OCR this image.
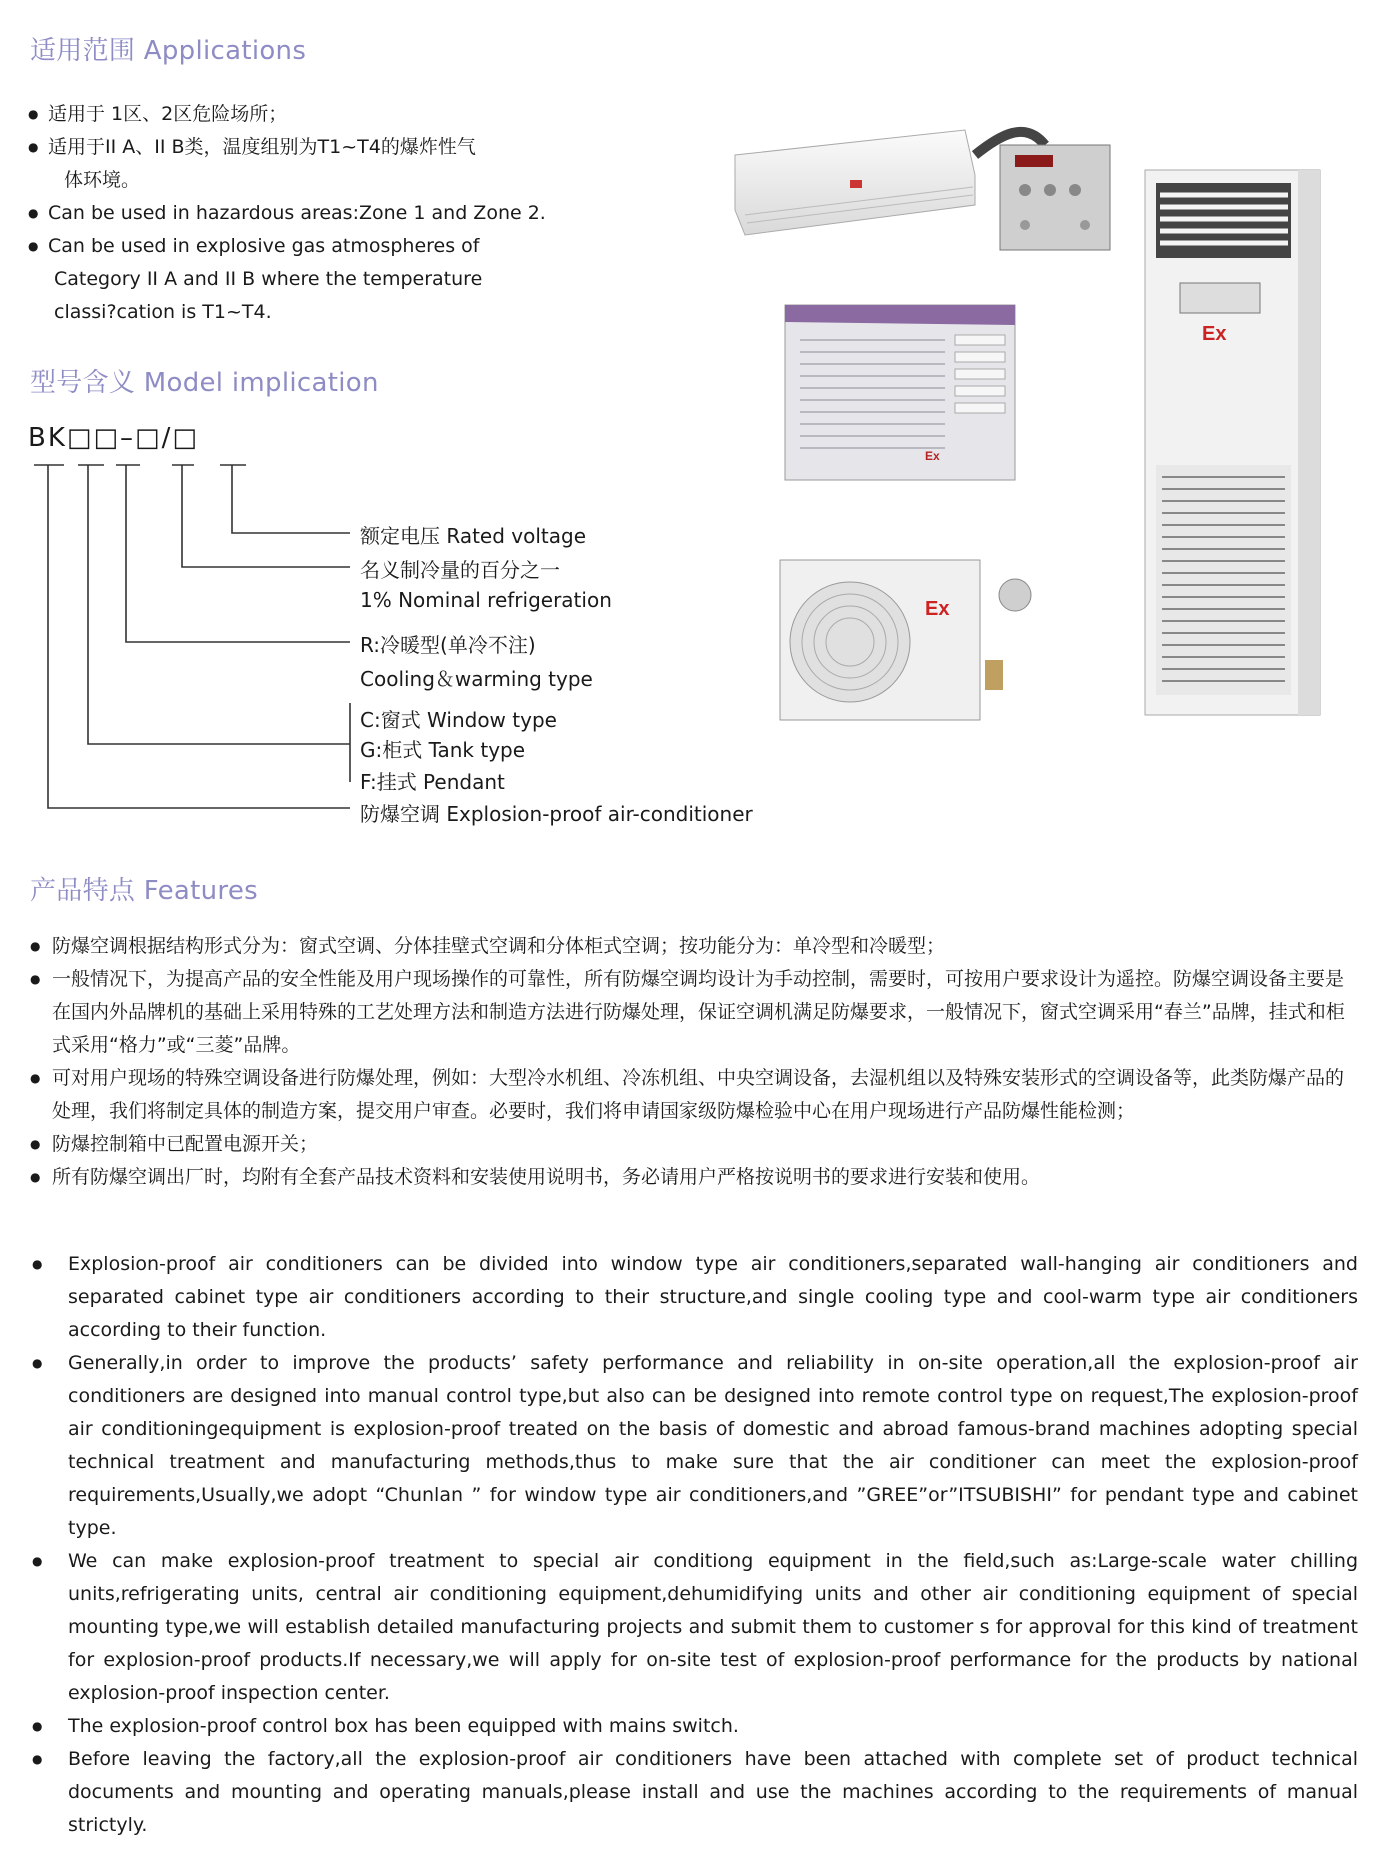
适用范围 Applications
● 适用于 1区、2区危险场所；
● 适用于II A、II B类，温度组别为T1~T4的爆炸性气
体环境。
● Can be used in hazardous areas:Zone 1 and Zone 2.
● Can be used in explosive gas atmospheres of
Category II A and II B where the temperature
classi?cation is T1~T4.
型号含义 Model implication
BK□□–□/□
额定电压 Rated voltage
名义制冷量的百分之一
1% Nominal refrigeration
R:冷暖型(单冷不注)
Cooling＆warming type
C:窗式 Window type
G:柜式 Tank type
F:挂式 Pendant
防爆空调 Explosion-proof air-conditioner
Ex
Ex
Ex
产品特点 Features
● 防爆空调根据结构形式分为：窗式空调、分体挂壁式空调和分体柜式空调；按功能分为：单冷型和冷暖型；
● 一般情况下，为提高产品的安全性能及用户现场操作的可靠性，所有防爆空调均设计为手动控制，需要时，可按用户要求设计为遥控。防爆空调设备主要是在国内外品牌机的基础上采用特殊的工艺处理方法和制造方法进行防爆处理，保证空调机满足防爆要求，一般情况下，窗式空调采用“春兰”品牌，挂式和柜式采用“格力”或“三菱”品牌。
● 可对用户现场的特殊空调设备进行防爆处理，例如：大型冷水机组、冷冻机组、中央空调设备，去湿机组以及特殊安装形式的空调设备等，此类防爆产品的处理，我们将制定具体的制造方案，提交用户审查。必要时，我们将申请国家级防爆检验中心在用户现场进行产品防爆性能检测；
● 防爆控制箱中已配置电源开关；
● 所有防爆空调出厂时，均附有全套产品技术资料和安装使用说明书，务必请用户严格按说明书的要求进行安装和使用。
● Explosion-proof air conditioners can be divided into window type air conditioners,separated wall-hanging air conditioners and separated cabinet type air conditioners according to their structure,and single cooling type and cool-warm type air conditioners according to their function.
● Generally,in order to improve the products’ safety performance and reliability in on-site operation,all the explosion-proof air conditioners are designed into manual control type,but also can be designed into remote control type on request,The explosion-proof air conditioningequipment is explosion-proof treated on the basis of domestic and abroad famous-brand machines adopting special technical treatment and manufacturing methods,thus to make sure that the air conditioner can meet the explosion-proof requirements,Usually,we adopt “Chunlan ” for window type air conditioners,and ”GREE”or”ITSUBISHI” for pendant type and cabinet type.
● We can make explosion-proof treatment to special air conditiong equipment in the field,such as:Large-scale water chilling units,refrigerating units, central air conditioning equipment,dehumidifying units and other air conditioning equipment of special mounting type,we will establish detailed manufacturing projects and submit them to customer s for approval for this kind of treatment for explosion-proof products.If necessary,we will apply for on-site test of explosion-proof performance for the products by national explosion-proof inspection center.
● The explosion-proof control box has been equipped with mains switch.
● Before leaving the factory,all the explosion-proof air conditioners have been attached with complete set of product technical documents and mounting and operating manuals,please install and use the machines according to the requirements of manual strictyly.
